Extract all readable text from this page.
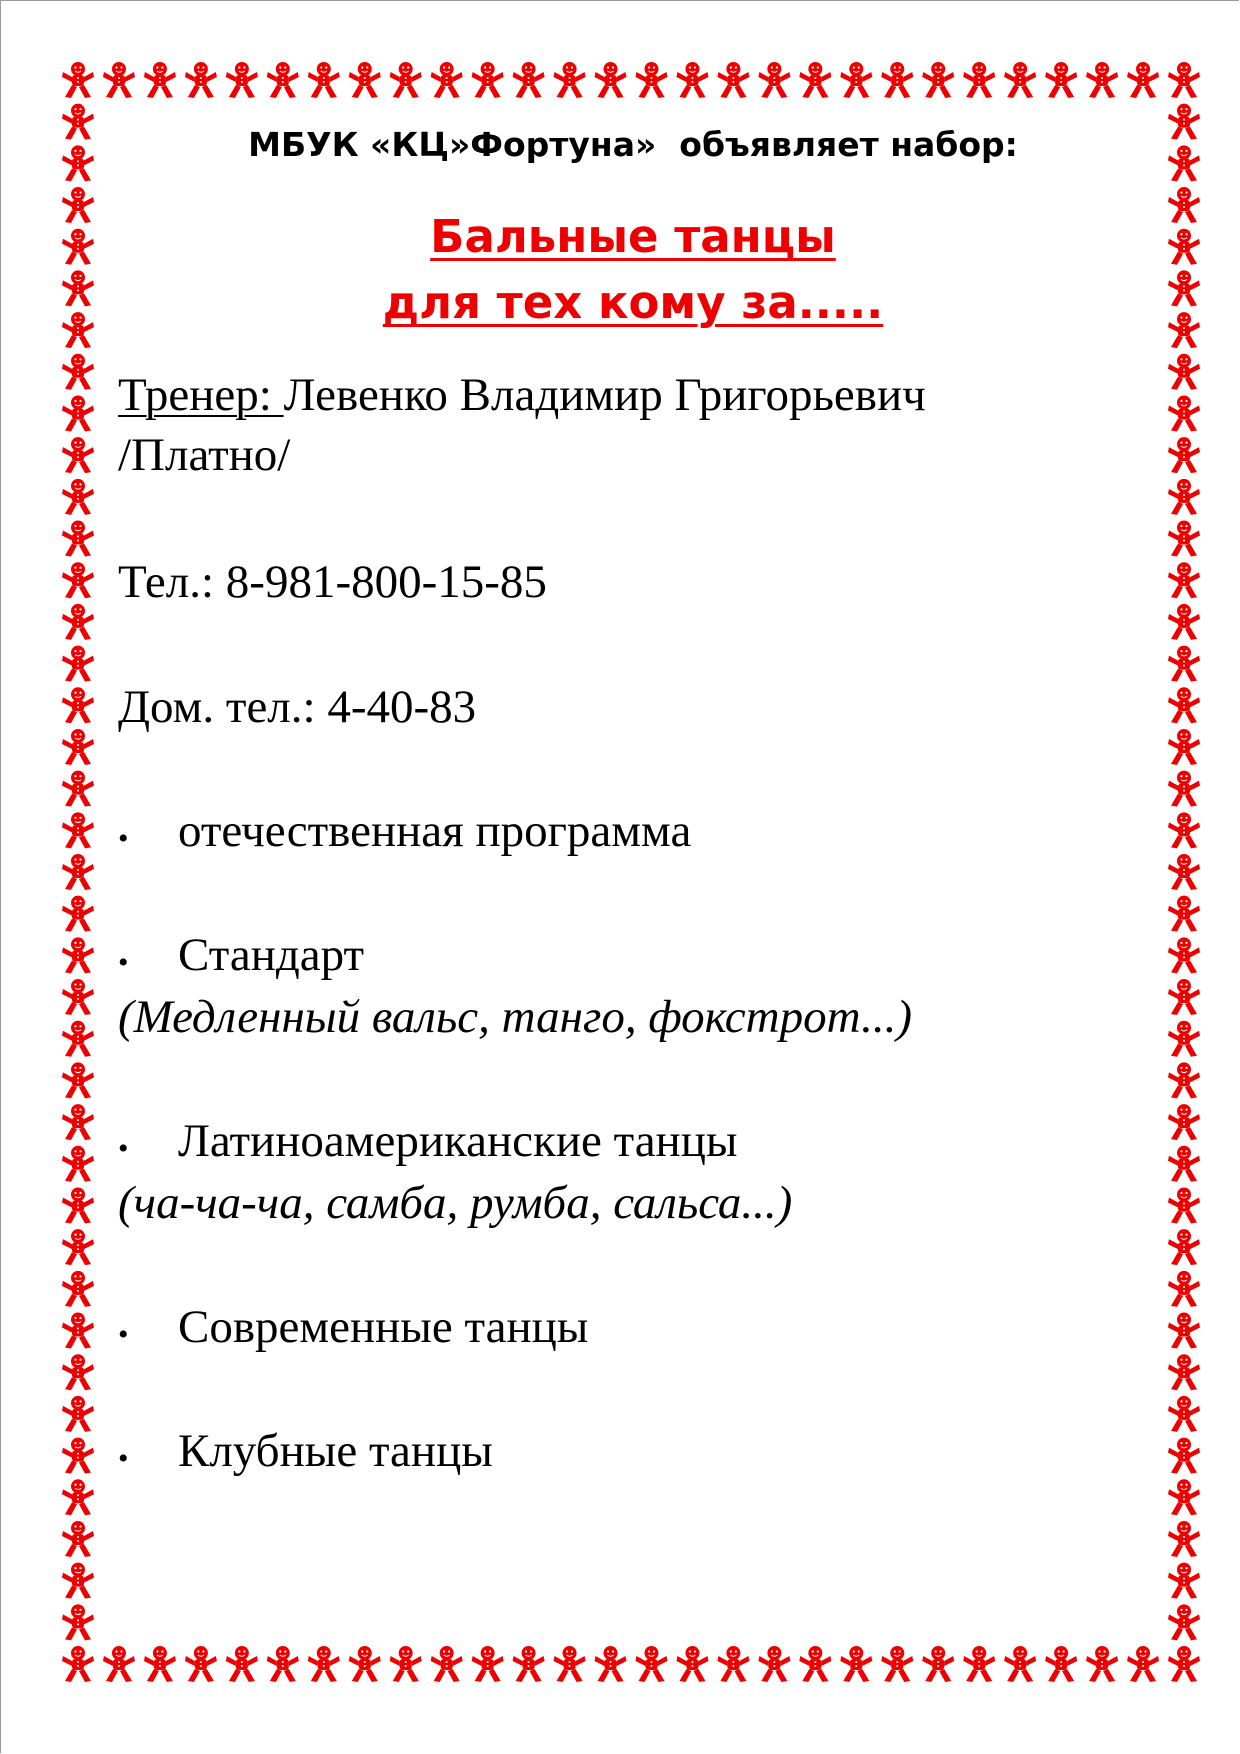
МБУК «КЦ»Фортуна»  объявляет набор:
Бальные танцы
для тех кому за.....
Тренер: Левенко Владимир Григорьевич
/Платно/
Тел.: 8-981-800-15-85
Дом. тел.: 4-40-83
• отечественная программа
• Стандарт
(Медленный вальс, танго, фокстрот...)
• Латиноамериканские танцы
(ча-ча-ча, самба, румба, сальса...)
• Современные танцы
• Клубные танцы
